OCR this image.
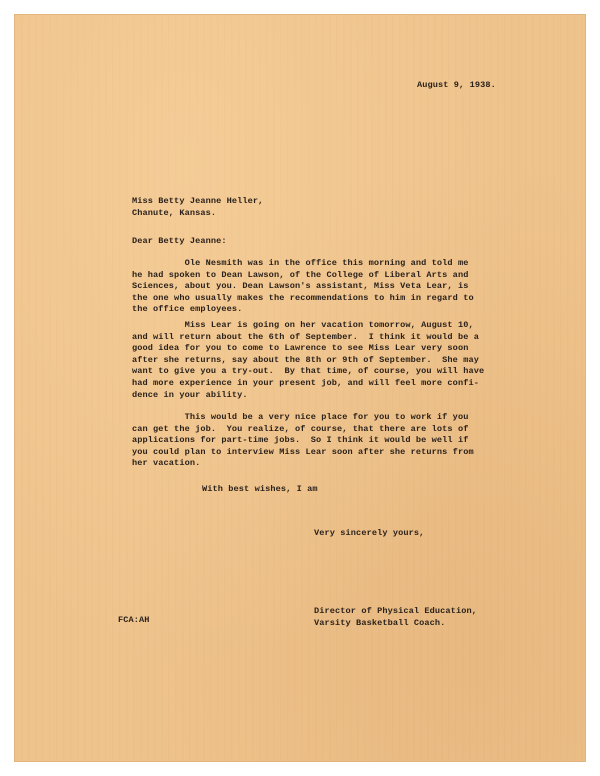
August 9, 1938.
Miss Betty Jeanne Heller,
Chanute, Kansas.
Dear Betty Jeanne:
Ole Nesmith was in the office this morning and told me
he had spoken to Dean Lawson, of the College of Liberal Arts and
Sciences, about you. Dean Lawson's assistant, Miss Veta Lear, is
the one who usually makes the recommendations to him in regard to
the office employees.
Miss Lear is going on her vacation tomorrow, August 10,
and will return about the 6th of September.  I think it would be a
good idea for you to come to Lawrence to see Miss Lear very soon
after she returns, say about the 8th or 9th of September.  She may
want to give you a try-out.  By that time, of course, you will have
had more experience in your present job, and will feel more confi-
dence in your ability.
This would be a very nice place for you to work if you
can get the job.  You realize, of course, that there are lots of
applications for part-time jobs.  So I think it would be well if
you could plan to interview Miss Lear soon after she returns from
her vacation.
With best wishes, I am
Very sincerely yours,
FCA:AH
Director of Physical Education,
Varsity Basketball Coach.
